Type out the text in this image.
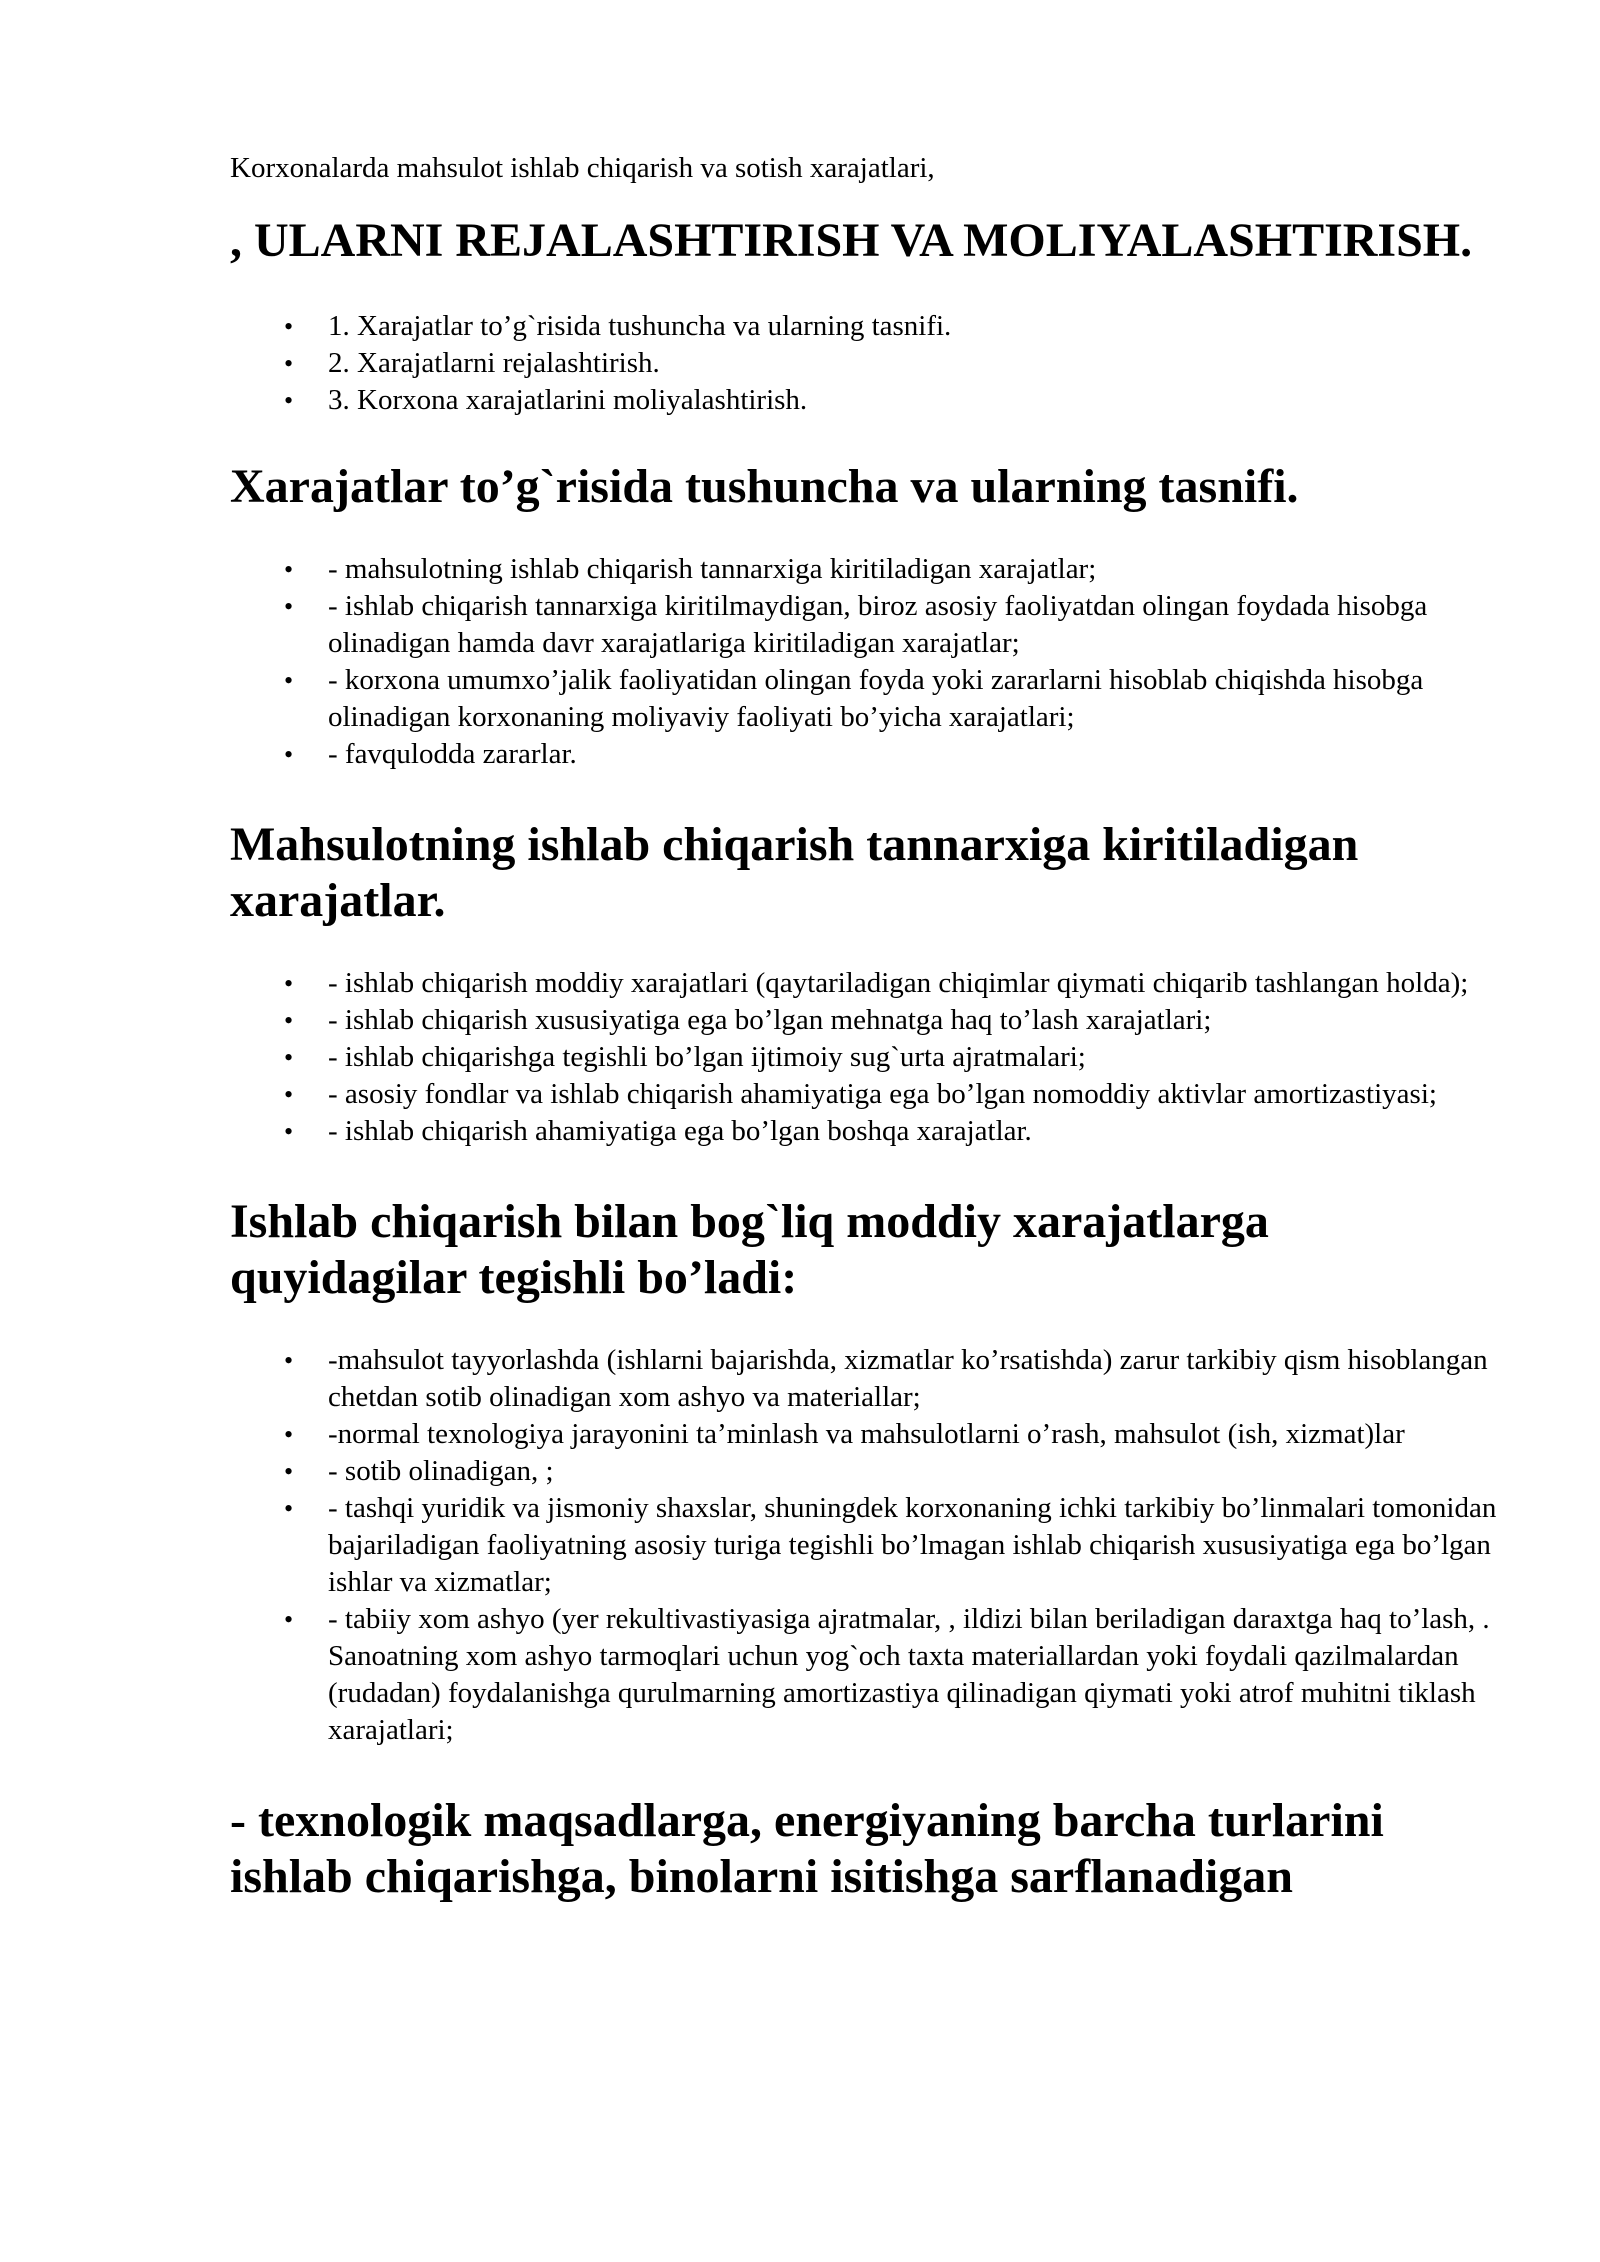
Korxonalarda mahsulot ishlab chiqarish va sotish xarajatlari,

, ULARNI REJALASHTIRISH VA MOLIYALASHTIRISH.
• 1. Xarajatlar to’g`risida tushuncha va ularning tasnifi.
• 2. Xarajatlarni rejalashtirish.
• 3. Korxona xarajatlarini moliyalashtirish.
Xarajatlar to’g`risida tushuncha va ularning tasnifi.
• - mahsulotning ishlab chiqarish tannarxiga kiritiladigan xarajatlar;
• - ishlab chiqarish tannarxiga kiritilmaydigan, biroz asosiy faoliyatdan olingan foydada hisobga olinadigan hamda davr xarajatlariga kiritiladigan xarajatlar;
• - korxona umumxo’jalik faoliyatidan olingan foyda yoki zararlarni hisoblab chiqishda hisobga olinadigan korxonaning moliyaviy faoliyati bo’yicha xarajatlari;
• - favqulodda zararlar.
Mahsulotning ishlab chiqarish tannarxiga kiritiladigan xarajatlar.
• - ishlab chiqarish moddiy xarajatlari (qaytariladigan chiqimlar qiymati chiqarib tashlangan holda);
• - ishlab chiqarish xususiyatiga ega bo’lgan mehnatga haq to’lash xarajatlari;
• - ishlab chiqarishga tegishli bo’lgan ijtimoiy sug`urta ajratmalari;
• - asosiy fondlar va ishlab chiqarish ahamiyatiga ega bo’lgan nomoddiy aktivlar amortizastiyasi;
• - ishlab chiqarish ahamiyatiga ega bo’lgan boshqa xarajatlar.
Ishlab chiqarish bilan bog`liq moddiy xarajatlarga quyidagilar tegishli bo’ladi:
• -mahsulot tayyorlashda (ishlarni bajarishda, xizmatlar ko’rsatishda) zarur tarkibiy qism hisoblangan chetdan sotib olinadigan xom ashyo va materiallar;
• -normal texnologiya jarayonini ta’minlash va mahsulotlarni o’rash, mahsulot (ish, xizmat)lar
• - sotib olinadigan, ;
• - tashqi yuridik va jismoniy shaxslar, shuningdek korxonaning ichki tarkibiy bo’linmalari tomonidan bajariladigan faoliyatning asosiy turiga tegishli bo’lmagan ishlab chiqarish xususiyatiga ega bo’lgan ishlar va xizmatlar;
• - tabiiy xom ashyo (yer rekultivastiyasiga ajratmalar, , ildizi bilan beriladigan daraxtga haq to’lash, . Sanoatning xom ashyo tarmoqlari uchun yog`och taxta materiallardan yoki foydali qazilmalardan (rudadan) foydalanishga qurulmarning amortizastiya qilinadigan qiymati yoki atrof muhitni tiklash xarajatlari;
- texnologik maqsadlarga, energiyaning barcha turlarini ishlab chiqarishga, binolarni isitishga sarflanadigan
